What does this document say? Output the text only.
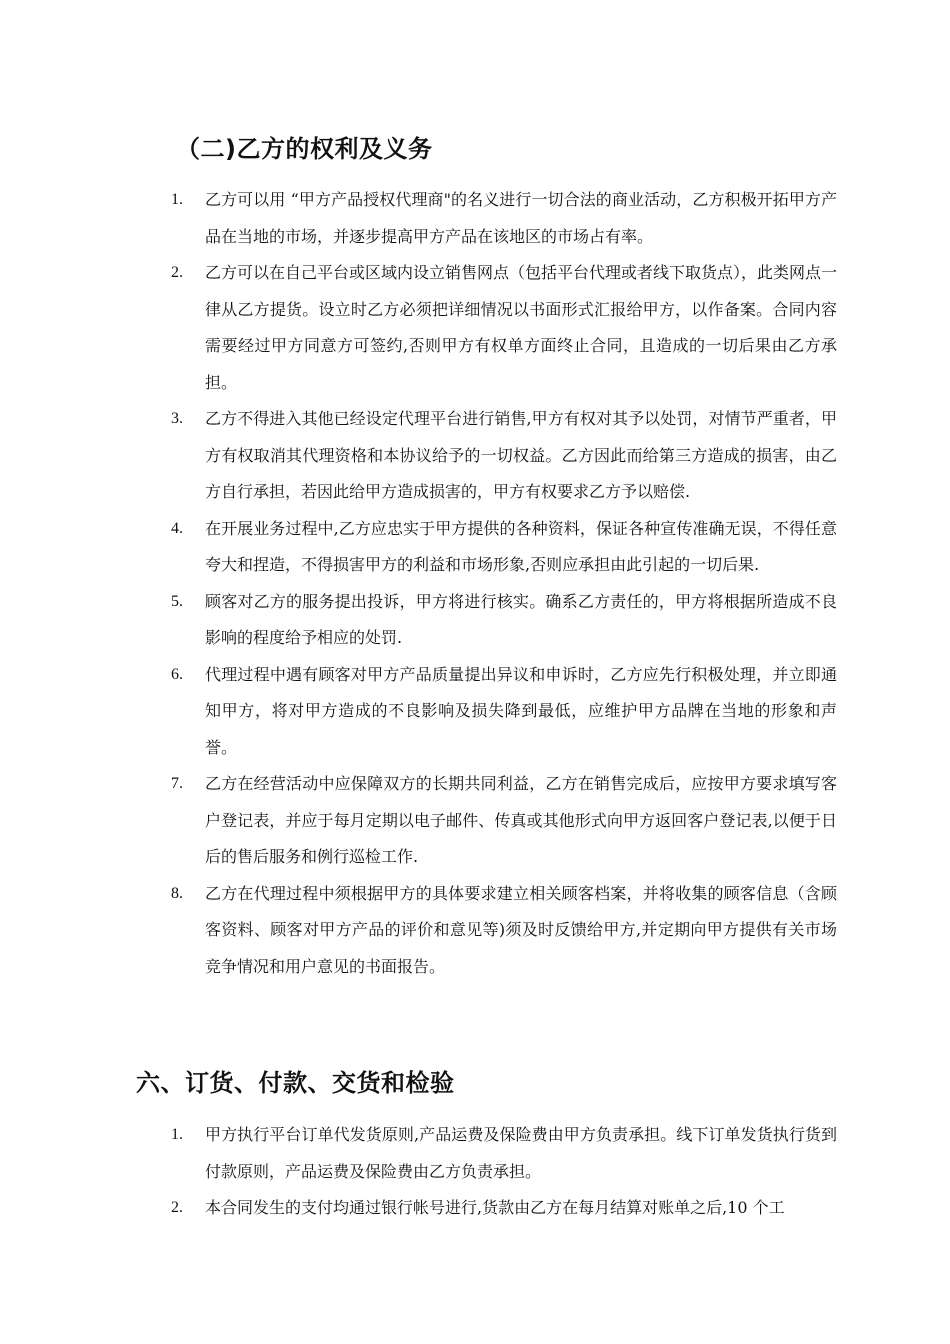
（二)乙方的权利及义务
1. 乙方可以用 “甲方产品授权代理商"的名义进行一切合法的商业活动，乙方积极开拓甲方产品在当地的市场，并逐步提高甲方产品在该地区的市场占有率。
2. 乙方可以在自己平台或区域内设立销售网点（包括平台代理或者线下取货点），此类网点一律从乙方提货。设立时乙方必须把详细情况以书面形式汇报给甲方，以作备案。合同内容需要经过甲方同意方可签约,否则甲方有权单方面终止合同，且造成的一切后果由乙方承担。
3. 乙方不得进入其他已经设定代理平台进行销售,甲方有权对其予以处罚，对情节严重者，甲方有权取消其代理资格和本协议给予的一切权益。乙方因此而给第三方造成的损害，由乙方自行承担，若因此给甲方造成损害的，甲方有权要求乙方予以赔偿.
4. 在开展业务过程中,乙方应忠实于甲方提供的各种资料，保证各种宣传准确无误，不得任意夸大和捏造，不得损害甲方的利益和市场形象,否则应承担由此引起的一切后果.
5. 顾客对乙方的服务提出投诉，甲方将进行核实。确系乙方责任的，甲方将根据所造成不良影响的程度给予相应的处罚.
6. 代理过程中遇有顾客对甲方产品质量提出异议和申诉时，乙方应先行积极处理，并立即通知甲方，将对甲方造成的不良影响及损失降到最低，应维护甲方品牌在当地的形象和声誉。
7. 乙方在经营活动中应保障双方的长期共同利益，乙方在销售完成后，应按甲方要求填写客户登记表，并应于每月定期以电子邮件、传真或其他形式向甲方返回客户登记表,以便于日后的售后服务和例行巡检工作.
8. 乙方在代理过程中须根据甲方的具体要求建立相关顾客档案，并将收集的顾客信息（含顾客资料、顾客对甲方产品的评价和意见等)须及时反馈给甲方,并定期向甲方提供有关市场竞争情况和用户意见的书面报告。
六、订货、付款、交货和检验
1. 甲方执行平台订单代发货原则,产品运费及保险费由甲方负责承担。线下订单发货执行货到付款原则，产品运费及保险费由乙方负责承担。
2. 本合同发生的支付均通过银行帐号进行,货款由乙方在每月结算对账单之后,10 个工
